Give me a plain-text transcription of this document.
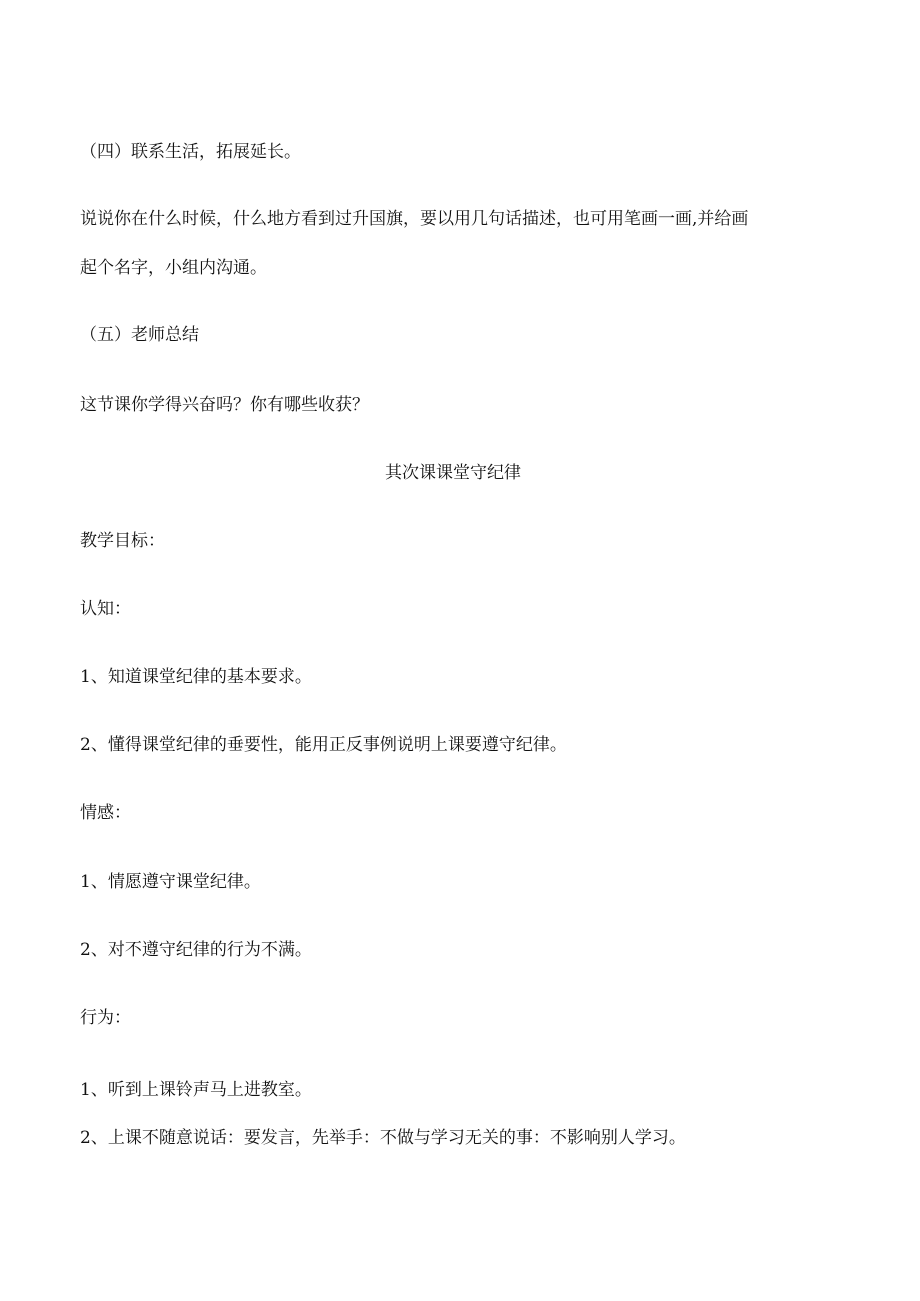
（四）联系生活，拓展延长。
说说你在什么时候，什么地方看到过升国旗，要以用几句话描述，也可用笔画一画,并给画
起个名字，小组内沟通。
（五）老师总结
这节课你学得兴奋吗？你有哪些收获？
其次课课堂守纪律
教学目标：
认知：
1、知道课堂纪律的基本要求。
2、懂得课堂纪律的垂要性，能用正反事例说明上课要遵守纪律。
情感：
1、情愿遵守课堂纪律。
2、对不遵守纪律的行为不满。
行为：
1、听到上课铃声马上进教室。
2、上课不随意说话：要发言，先举手：不做与学习无关的事：不影响别人学习。
